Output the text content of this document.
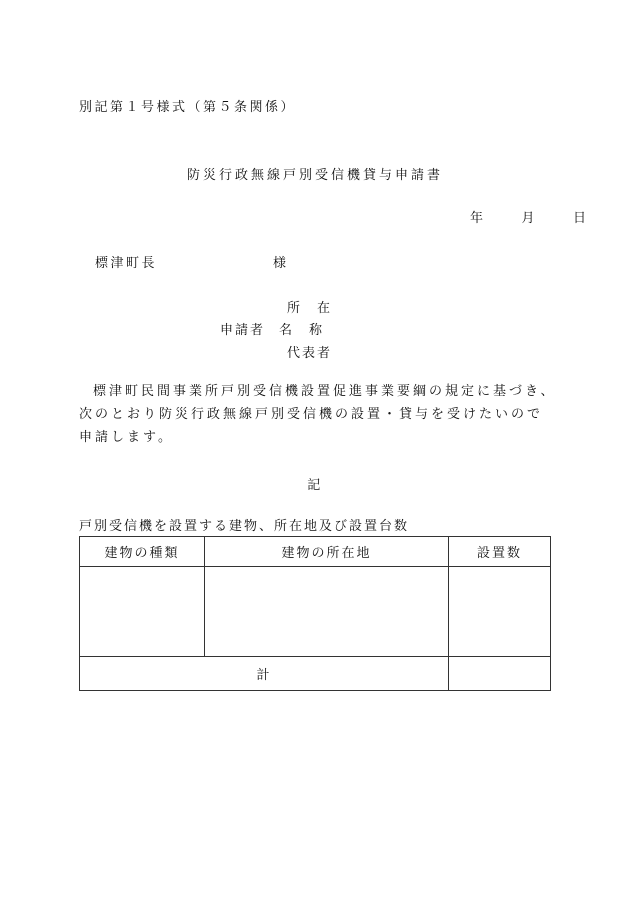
別記第１号様式（第５条関係）
防災行政無線戸別受信機貸与申請書
年	月	日
標津町長	様
所　在
申請者 名　称
代表者
標津町民間事業所戸別受信機設置促進事業要綱の規定に基づき、次のとおり防災行政無線戸別受信機の設置・貸与を受けたいので申請します。
記
戸別受信機を設置する建物、所在地及び設置台数
建物の種類	建物の所在地	設置数

計		
